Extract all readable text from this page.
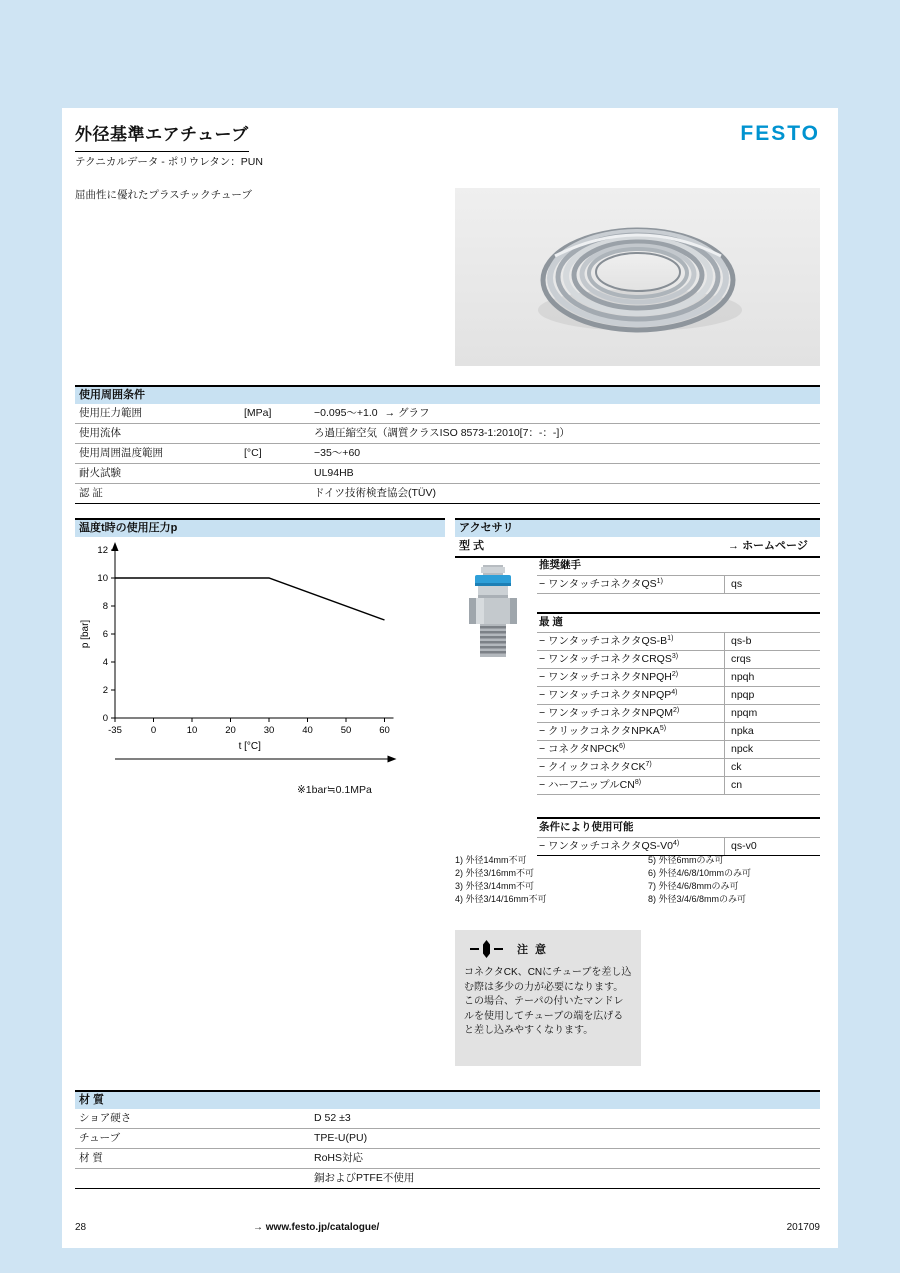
外径基準エアチューブ
テクニカルデータ - ポリウレタン：PUN
FESTO
屈曲性に優れたプラスチックチューブ
使用周囲条件
使用圧力範囲	[MPa]	−0.095〜+1.0 → グラフ
使用流体	ろ過圧縮空気（調質クラスISO 8573-1:2010[7：-：-]）
使用周囲温度範囲	[°C]	−35〜+60
耐火試験	UL94HB
認 証	ドイツ技術検査協会(TÜV)
温度t時の使用圧力p
-35	0	10	20	30	40	50	60
0
2
4
6
8
10
12
p [bar]
t [°C]
※1bar≒0.1MPa
アクセサリ
型 式	→ ホームページ
推奨継手
− ワンタッチコネクタQS$^{1)}$	qs
最 適
− ワンタッチコネクタ$QS-B^{1)}$	qs-b
− ワンタッチコネクタCRQS$^{3)}$	crqs
− ワンタッチコネクタNPQH$^{2)}$	npqh
− ワンタッチコネクタNPQP$^{4)}$	npqp
− ワンタッチコネクタNPQM$^{2)}$	npqm
− クリックコネクタNPKA$^{5)}$	npka
− コネクタNPCK$^{6)}$	npck
− クイックコネクタCK$^{7)}$	ck
− ハーフニップルCN$^{8)}$	cn
条件により使用可能
− ワンタッチコネクタQS-V0$^{4)}$	qs-v0
1) 外径14mm不可
2) 外径3/16mm不可
3) 外径3/14mm不可
4) 外径3/14/16mm不可
5) 外径6mmのみ可
6) 外径4/6/8/10mmのみ可
7) 外径4/6/8mmのみ可
8) 外径3/4/6/8mmのみ可
注 意

コネクタCK、CNにチューブを差し込む際は多少の力が必要になります。この場合、テーパの付いたマンドレルを使用してチューブの端を広げると差し込みやすくなります。

材 質
ショア硬さ	D 52 ±3
チューブ	TPE-U(PU)
材 質	RoHS対応
銅およびPTFE不使用
28	→ www.festo.jp/catalogue/	201709
